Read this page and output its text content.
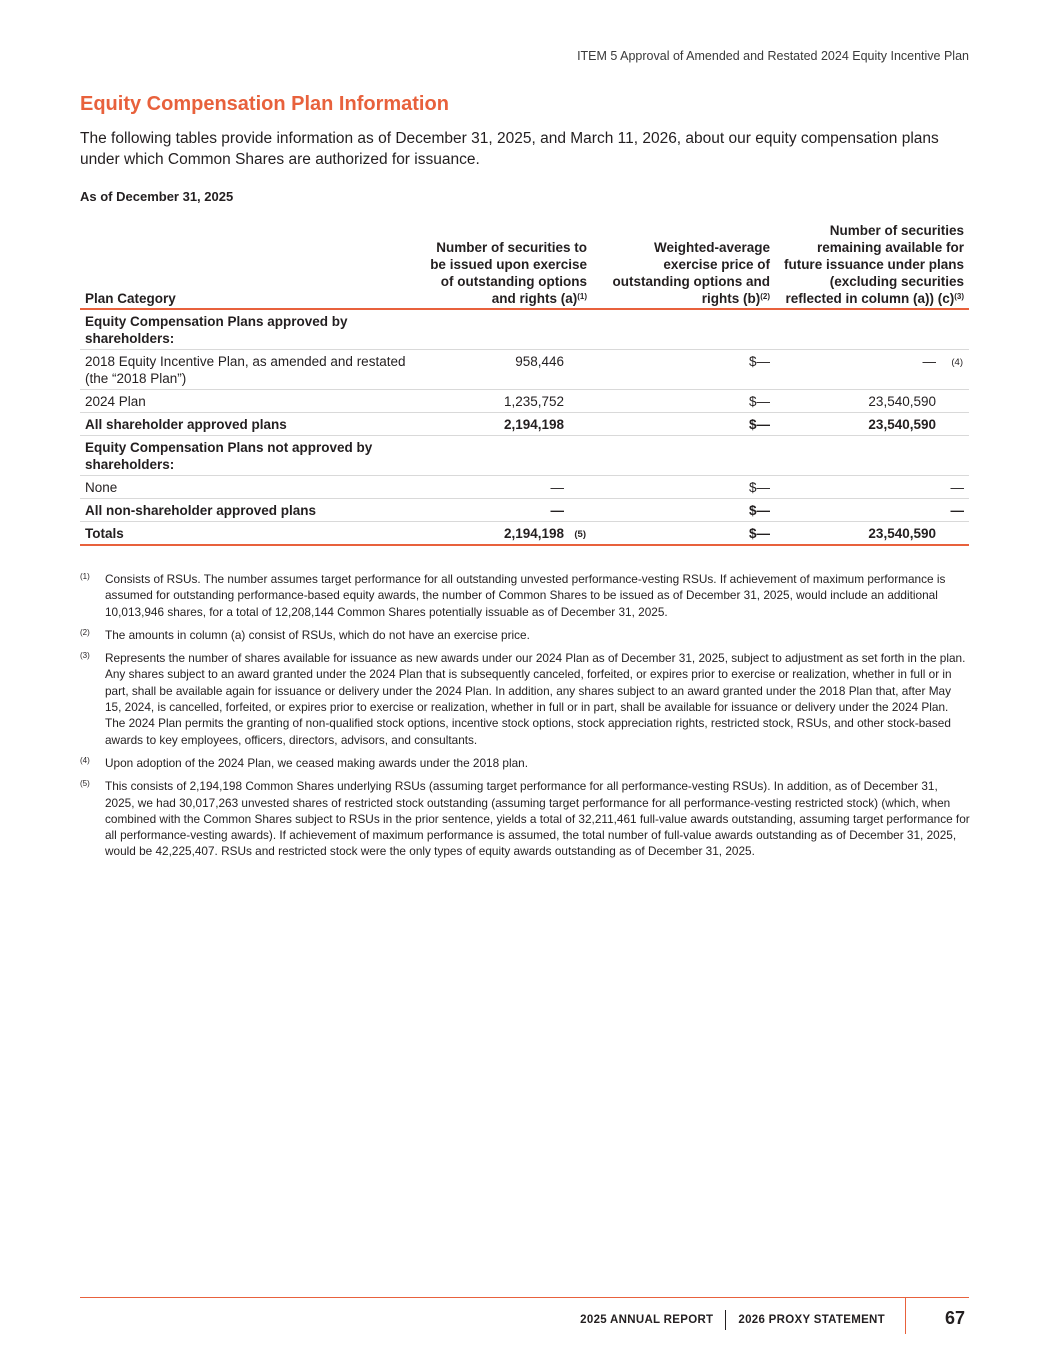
ITEM 5 Approval of Amended and Restated 2024 Equity Incentive Plan
Equity Compensation Plan Information
The following tables provide information as of December 31, 2025, and March 11, 2026, about our equity compensation plans under which Common Shares are authorized for issuance.
As of December 31, 2025
Plan Category	Number of securities to be issued upon exercise of outstanding options and rights $(a)^{(1)}$	Weighted-average exercise price of outstanding options and rights $(b)^{(2)}$	Number of securities remaining available for future issuance under plans (excluding securities reflected in column (a)) $(c)^{(3)}$
Equity Compensation Plans approved by shareholders:			
2018 Equity Incentive Plan, as amended and restated (the “2018 Plan”)	958,446	$—	— (4)

2024 Plan	1,235,752	$—	23,540,590
All shareholder approved plans	2,194,198	$—	23,540,590
Equity Compensation Plans not approved by shareholders:			
None	—	$—	—
All non-shareholder approved plans	—	$—	—
Totals	2,194,198 (5)	$—	23,540,590
(1)	Consists of RSUs. The number assumes target performance for all outstanding unvested performance-vesting RSUs. If achievement of maximum performance is assumed for outstanding performance-based equity awards, the number of Common Shares to be issued as of December 31, 2025, would include an additional 10,013,946 shares, for a total of 12,208,144 Common Shares potentially issuable as of December 31, 2025.
(2)	The amounts in column (a) consist of RSUs, which do not have an exercise price.
(3)	Represents the number of shares available for issuance as new awards under our 2024 Plan as of December 31, 2025, subject to adjustment as set forth in the plan. Any shares subject to an award granted under the 2024 Plan that is subsequently canceled, forfeited, or expires prior to exercise or realization, whether in full or in part, shall be available again for issuance or delivery under the 2024 Plan. In addition, any shares subject to an award granted under the 2018 Plan that, after May 15, 2024, is cancelled, forfeited, or expires prior to exercise or realization, whether in full or in part, shall be available for issuance or delivery under the 2024 Plan. The 2024 Plan permits the granting of non-qualified stock options, incentive stock options, stock appreciation rights, restricted stock, RSUs, and other stock-based awards to key employees, officers, directors, advisors, and consultants.
(4)	Upon adoption of the 2024 Plan, we ceased making awards under the 2018 plan.
(5)	This consists of 2,194,198 Common Shares underlying RSUs (assuming target performance for all performance-vesting RSUs). In addition, as of December 31, 2025, we had 30,017,263 unvested shares of restricted stock outstanding (assuming target performance for all performance-vesting restricted stock) (which, when combined with the Common Shares subject to RSUs in the prior sentence, yields a total of 32,211,461 full-value awards outstanding, assuming target performance for all performance-vesting awards). If achievement of maximum performance is assumed, the total number of full-value awards outstanding as of December 31, 2025, would be 42,225,407. RSUs and restricted stock were the only types of equity awards outstanding as of December 31, 2025.
2025 ANNUAL REPORT 2026 PROXY STATEMENT	67
